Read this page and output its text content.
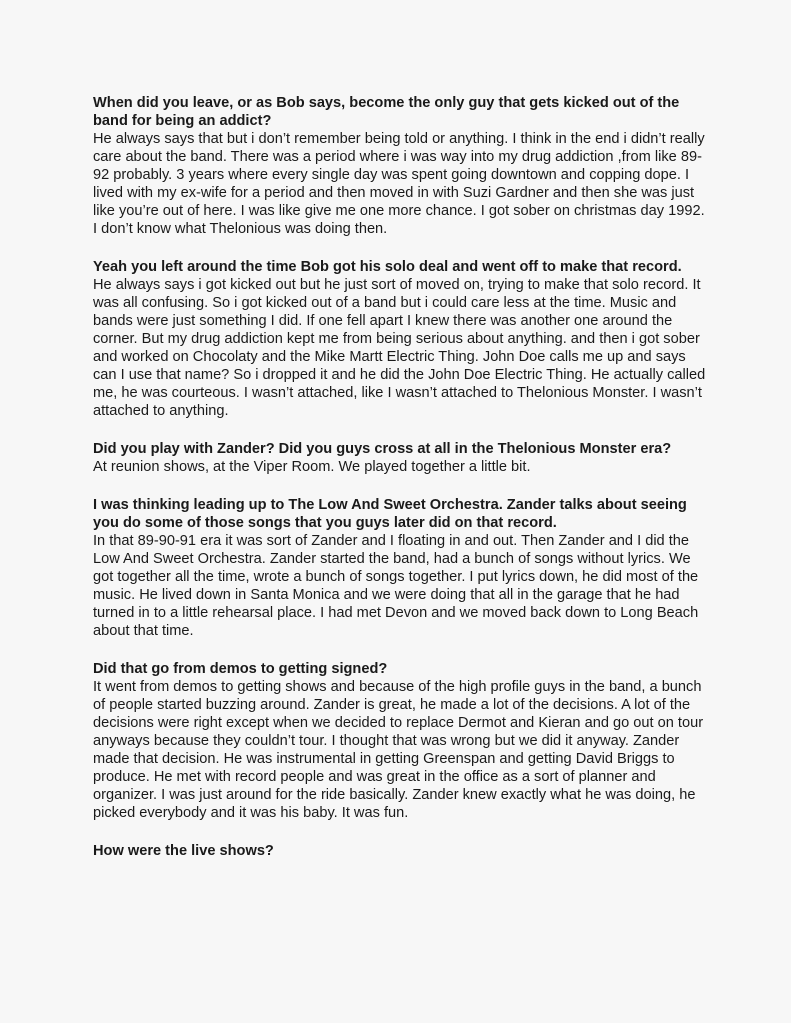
When did you leave, or as Bob says, become the only guy that gets kicked out of the band for being an addict?

He always says that but i don’t remember being told or anything. I think in the end i didn’t really care about the band. There was a period where i was way into my drug addiction ,from like 89-92 probably. 3 years where every single day was spent going downtown and copping dope. I lived with my ex-wife for a period and then moved in with Suzi Gardner and then she was just like you’re out of here. I was like give me one more chance. I got sober on christmas day 1992. I don’t know what Thelonious was doing then.

Yeah you left around the time Bob got his solo deal and went off to make that record.

He always says i got kicked out but he just sort of moved on, trying to make that solo record. It was all confusing. So i got kicked out of a band but i could care less at the time. Music and bands were just something I did. If one fell apart I knew there was another one around the corner. But my drug addiction kept me from being serious about anything. and then i got sober and worked on Chocolaty and the Mike Martt Electric Thing. John Doe calls me up and says can I use that name? So i dropped it and he did the John Doe Electric Thing. He actually called me, he was courteous. I wasn’t attached, like I wasn’t attached to Thelonious Monster. I wasn’t attached to anything.

Did you play with Zander? Did you guys cross at all in the Thelonious Monster era?

At reunion shows, at the Viper Room. We played together a little bit.

I was thinking leading up to The Low And Sweet Orchestra. Zander talks about seeing you do some of those songs that you guys later did on that record.

In that 89-90-91 era it was sort of Zander and I floating in and out. Then Zander and I did the Low And Sweet Orchestra. Zander started the band, had a bunch of songs without lyrics. We got together all the time, wrote a bunch of songs together. I put lyrics down, he did most of the music. He lived down in Santa Monica and we were doing that all in the garage that he had turned in to a little rehearsal place. I had met Devon and we moved back down to Long Beach about that time.

Did that go from demos to getting signed?

It went from demos to getting shows and because of the high profile guys in the band, a bunch of people started buzzing around. Zander is great, he made a lot of the decisions. A lot of the decisions were right except when we decided to replace Dermot and Kieran and go out on tour anyways because they couldn’t tour. I thought that was wrong but we did it anyway. Zander made that decision. He was instrumental in getting Greenspan and getting David Briggs to produce. He met with record people and was great in the office as a sort of planner and organizer. I was just around for the ride basically. Zander knew exactly what he was doing, he picked everybody and it was his baby. It was fun.

How were the live shows?
